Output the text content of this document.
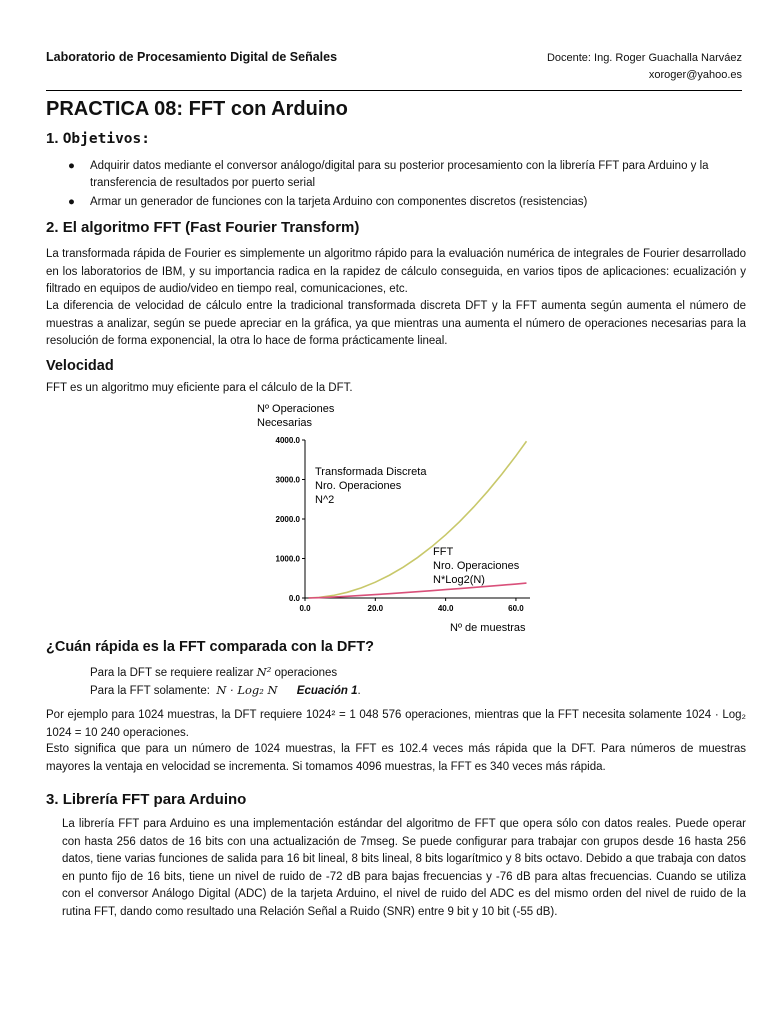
Laboratorio de Procesamiento Digital de Señales	Docente: Ing. Roger Guachalla Narváez
xoroger@yahoo.es
PRACTICA 08: FFT con Arduino
1. Objetivos:
● Adquirir datos mediante el conversor análogo/digital para su posterior procesamiento con la librería FFT para Arduino y la transferencia de resultados por puerto serial
● Armar un generador de funciones con la tarjeta Arduino con componentes discretos (resistencias)
2. El algoritmo FFT (Fast Fourier Transform)

La transformada rápida de Fourier es simplemente un algoritmo rápido para la evaluación numérica de integrales de Fourier desarrollado en los laboratorios de IBM, y su importancia radica en la rapidez de cálculo conseguida, en varios tipos de aplicaciones: ecualización y filtrado en equipos de audio/video en tiempo real, comunicaciones, etc.

La diferencia de velocidad de cálculo entre la tradicional transformada discreta DFT y la FFT aumenta según aumenta el número de muestras a analizar, según se puede apreciar en la gráfica, ya que mientras una aumenta el número de operaciones necesarias para la resolución de forma exponencial, la otra lo hace de forma prácticamente lineal.

Velocidad

FFT es un algoritmo muy eficiente para el cálculo de la DFT.

Nº Operaciones
Necesarias
0.0
1000.0
2000.0
3000.0
4000.0
0.0	20.0	40.0	60.0
Transformada Discreta
Nro. Operaciones
N^2
FFT
Nro. Operaciones
N*Log2(N)
Nº de muestras
¿Cuán rápida es la FFT comparada con la DFT?
Para la DFT se requiere realizar N² operaciones
Para la FFT solamente: N · Log₂ N Ecuación 1.

Por ejemplo para 1024 muestras, la DFT requiere 1024² = 1 048 576 operaciones, mientras que la FFT necesita solamente 1024 · Log₂ 1024 = 10 240 operaciones.

Esto significa que para un número de 1024 muestras, la FFT es 102.4 veces más rápida que la DFT. Para números de muestras mayores la ventaja en velocidad se incrementa. Si tomamos 4096 muestras, la FFT es 340 veces más rápida.

3. Librería FFT para Arduino

La librería FFT para Arduino es una implementación estándar del algoritmo de FFT que opera sólo con datos reales. Puede operar con hasta 256 datos de 16 bits con una actualización de 7mseg. Se puede configurar para trabajar con grupos desde 16 hasta 256 datos, tiene varias funciones de salida para 16 bit lineal, 8 bits lineal, 8 bits logarítmico y 8 bits octavo. Debido a que trabaja con datos en punto fijo de 16 bits, tiene un nivel de ruido de -72 dB para bajas frecuencias y -76 dB para altas frecuencias. Cuando se utiliza con el conversor Análogo Digital (ADC) de la tarjeta Arduino, el nivel de ruido del ADC es del mismo orden del nivel de ruido de la rutina FFT, dando como resultado una Relación Señal a Ruido (SNR) entre 9 bit y 10 bit (-55 dB).
